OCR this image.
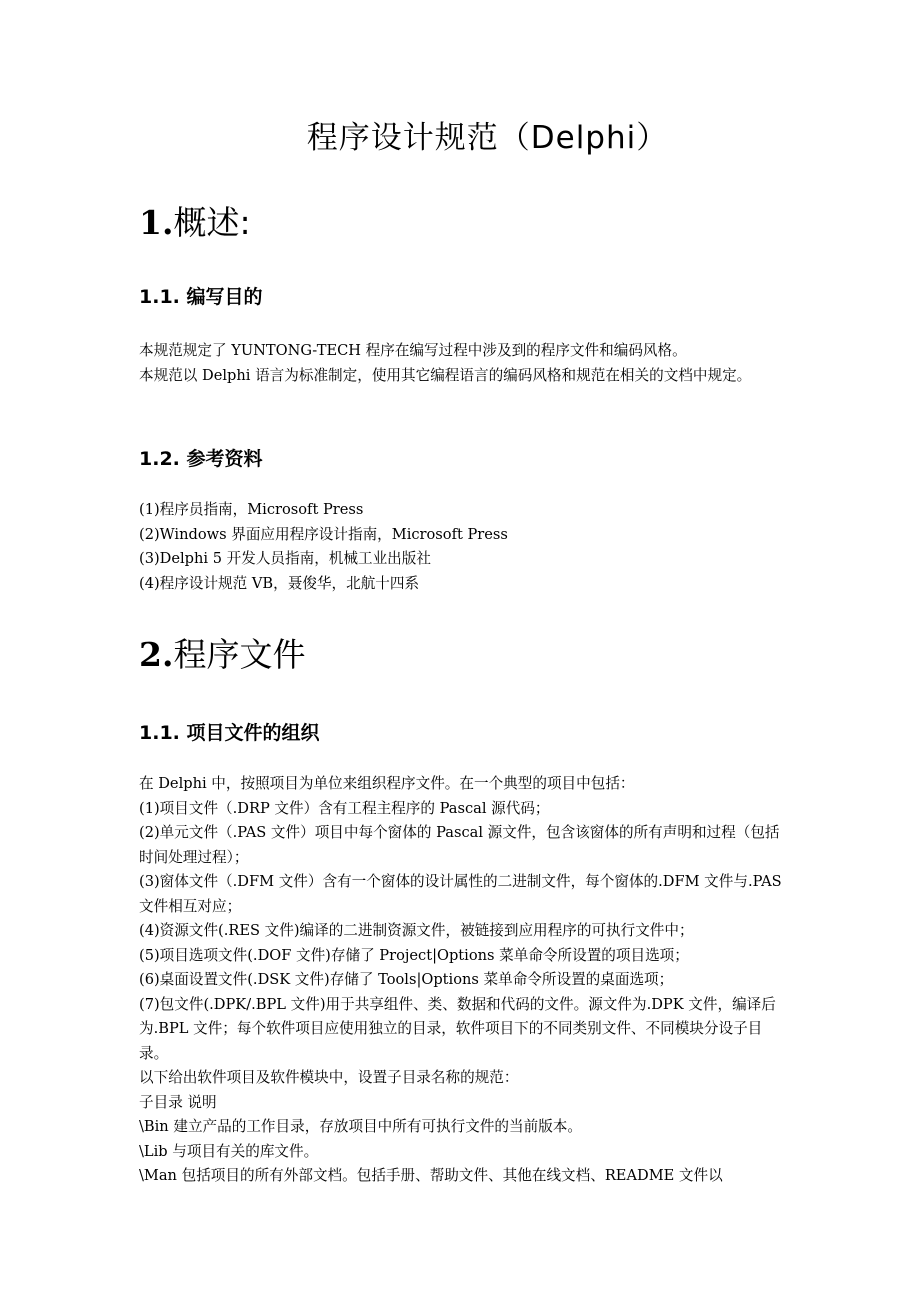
程序设计规范（Delphi）
1.概述:
1.1. 编写目的

本规范规定了 YUNTONG-TECH 程序在编写过程中涉及到的程序文件和编码风格。

本规范以 Delphi 语言为标准制定，使用其它编程语言的编码风格和规范在相关的文档中规定。

1.2. 参考资料
(1)程序员指南，Microsoft Press
(2)Windows 界面应用程序设计指南，Microsoft Press
(3)Delphi 5 开发人员指南，机械工业出版社
(4)程序设计规范 VB，聂俊华，北航十四系
2.程序文件
1.1. 项目文件的组织

在 Delphi 中，按照项目为单位来组织程序文件。在一个典型的项目中包括：

(1)项目文件（.DRP 文件）含有工程主程序的 Pascal 源代码；
(2)单元文件（.PAS 文件）项目中每个窗体的 Pascal 源文件，包含该窗体的所有声明和过程（包括时间处理过程）；
(3)窗体文件（.DFM 文件）含有一个窗体的设计属性的二进制文件，每个窗体的.DFM 文件与.PAS 文件相互对应；
(4)资源文件(.RES 文件)编译的二进制资源文件，被链接到应用程序的可执行文件中；
(5)项目选项文件(.DOF 文件)存储了 Project|Options 菜单命令所设置的项目选项；
(6)桌面设置文件(.DSK 文件)存储了 Tools|Options 菜单命令所设置的桌面选项；
(7)包文件(.DPK/.BPL 文件)用于共享组件、类、数据和代码的文件。源文件为.DPK 文件，编译后为.BPL 文件；每个软件项目应使用独立的目录，软件项目下的不同类别文件、不同模块分设子目录。

以下给出软件项目及软件模块中，设置子目录名称的规范：

子目录 说明

\Bin 建立产品的工作目录，存放项目中所有可执行文件的当前版本。
\Lib 与项目有关的库文件。
\Man 包括项目的所有外部文档。包括手册、帮助文件、其他在线文档、README 文件以
